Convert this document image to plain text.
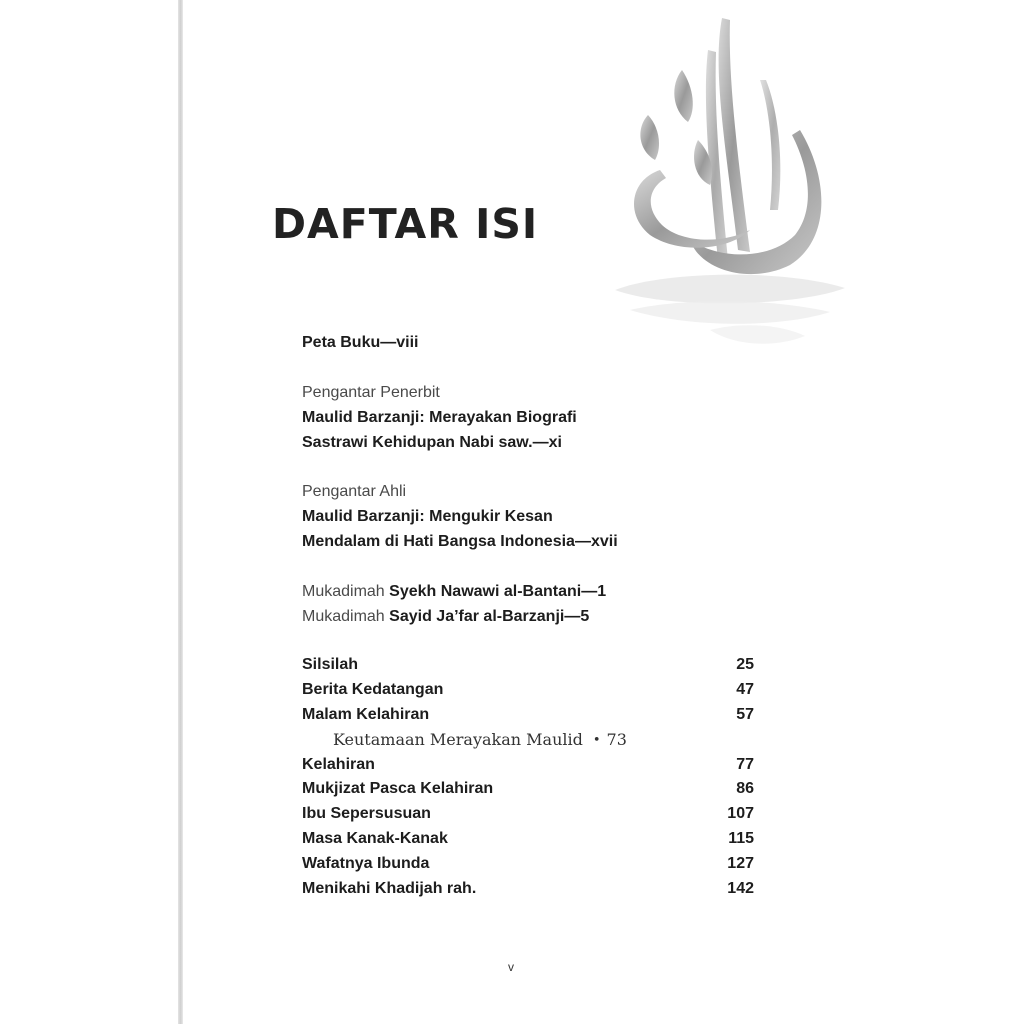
DAFTAR ISI
Peta Buku—viii
Pengantar Penerbit
Maulid Barzanji: Merayakan Biografi
Sastrawi Kehidupan Nabi saw.—xi
Pengantar Ahli
Maulid Barzanji: Mengukir Kesan
Mendalam di Hati Bangsa Indonesia—xvii
Mukadimah Syekh Nawawi al-Bantani—1
Mukadimah Sayid Ja’far al-Barzanji—5
Silsilah	25
Berita Kedatangan	47
Malam Kelahiran	57
Keutamaan Merayakan Maulid • 73
Kelahiran	77
Mukjizat Pasca Kelahiran	86
Ibu Sepersusuan	107
Masa Kanak-Kanak	115
Wafatnya Ibunda	127
Menikahi Khadijah rah.	142
v
